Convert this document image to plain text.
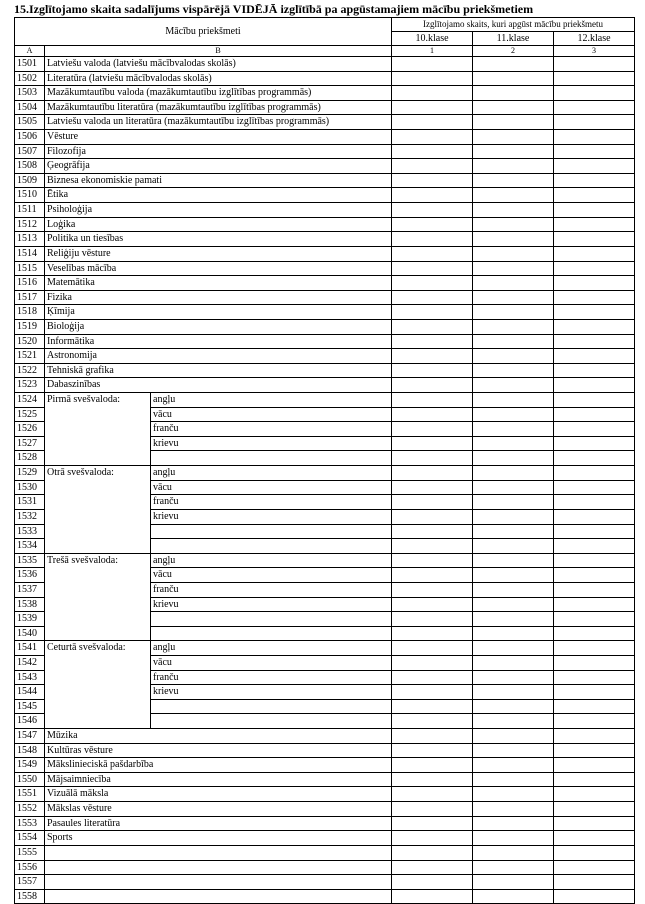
15.Izglītojamo skaita sadalījums vispārējā VIDĒJĀ izglītībā pa apgūstamajiem mācību priekšmetiem
Mācību priekšmeti			Izglītojamo skaits, kuri apgūst mācību priekšmetu		
			10.klase	11.klase	12.klase
A	B		1	2	3
1501	Latviešu valoda (latviešu mācībvalodas skolās)				
1502	Literatūra (latviešu mācībvalodas skolās)				
1503	Mazākumtautību valoda (mazākumtautību izglītības programmās)				
1504	Mazākumtautību literatūra (mazākumtautību izglītības programmās)				
1505	Latviešu valoda un literatūra (mazākumtautību izglītības programmās)				
1506	Vēsture				
1507	Filozofija				
1508	Ģeogrāfija				
1509	Biznesa ekonomiskie pamati				
1510	Ētika				
1511	Psiholoģija				
1512	Loģika				
1513	Politika un tiesības				
1514	Reliģiju vēsture				
1515	Veselības mācība				
1516	Matemātika				
1517	Fizika				
1518	Ķīmija				
1519	Bioloģija				
1520	Informātika				
1521	Astronomija				
1522	Tehniskā grafika				
1523	Dabaszinības				
1524	Pirmā svešvaloda:	angļu			
1525		vācu			
1526		franču			
1527		krievu			
1528					
1529	Otrā svešvaloda:	angļu			
1530		vācu			
1531		franču			
1532		krievu			
1533					
1534					
1535	Trešā svešvaloda:	angļu			
1536		vācu			
1537		franču			
1538		krievu			
1539					
1540					
1541	Ceturtā svešvaloda:	angļu			
1542		vācu			
1543		franču			
1544		krievu			
1545					
1546					
1547	Mūzika				
1548	Kultūras vēsture				
1549	Mākslinieciskā pašdarbība				
1550	Mājsaimniecība				
1551	Vizuālā māksla				
1552	Mākslas vēsture				
1553	Pasaules literatūra				
1554	Sports				
1555					
1556					
1557					
1558					
